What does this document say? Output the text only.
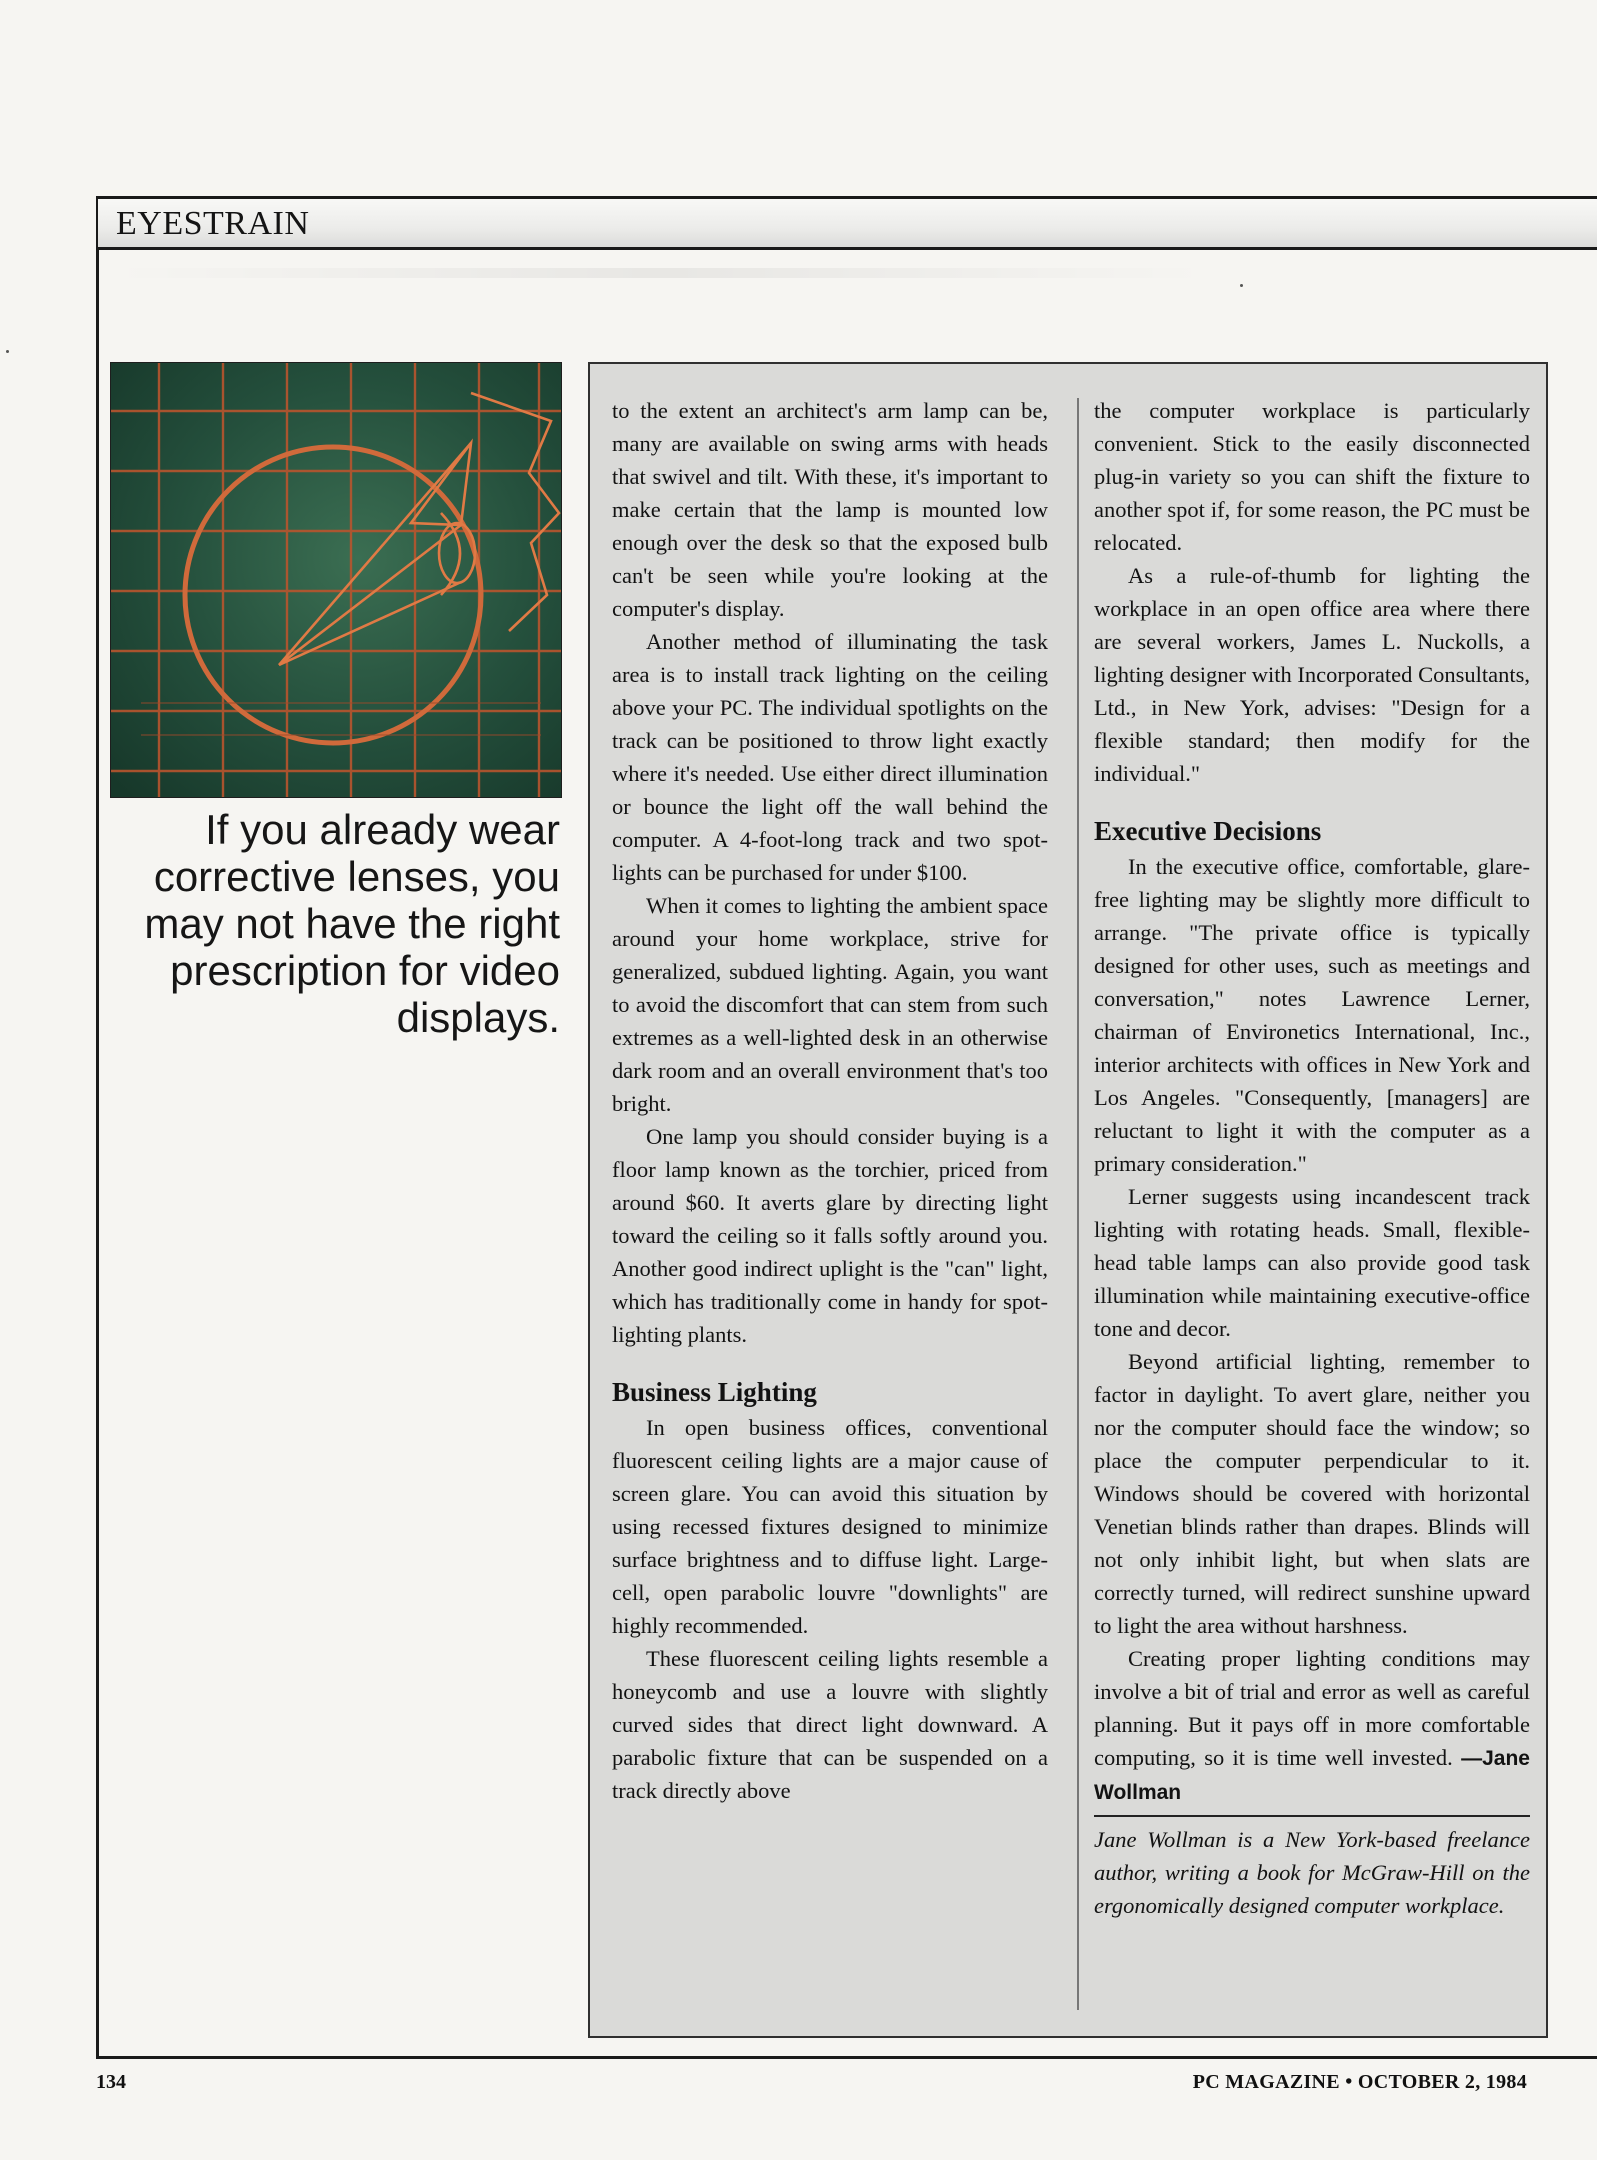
EYESTRAIN
If you already wear
corrective lenses, you
may not have the right
prescription for video
displays.

to the extent an architect's arm lamp can be, many are available on swing arms with heads that swivel and tilt. With these, it's important to make certain that the lamp is mounted low enough over the desk so that the exposed bulb can't be seen while you're looking at the computer's display.

Another method of illuminating the task area is to install track lighting on the ceiling above your PC. The individual spotlights on the track can be positioned to throw light exactly where it's needed. Use either direct illumination or bounce the light off the wall behind the computer. A 4-foot-long track and two spotlights can be purchased for under $100.

When it comes to lighting the ambient space around your home workplace, strive for generalized, subdued lighting. Again, you want to avoid the discomfort that can stem from such extremes as a well-lighted desk in an otherwise dark room and an overall environment that's too bright.

One lamp you should consider buying is a floor lamp known as the torchier, priced from around $60. It averts glare by directing light toward the ceiling so it falls softly around you. Another good indirect uplight is the "can" light, which has traditionally come in handy for spotlighting plants.

Business Lighting

In open business offices, conventional fluorescent ceiling lights are a major cause of screen glare. You can avoid this situation by using recessed fixtures designed to minimize surface brightness and to diffuse light. Large-cell, open parabolic louvre "downlights" are highly recommended.

These fluorescent ceiling lights resemble a honeycomb and use a louvre with slightly curved sides that direct light downward. A parabolic fixture that can be suspended on a track directly above

the computer workplace is particularly convenient. Stick to the easily disconnected plug-in variety so you can shift the fixture to another spot if, for some reason, the PC must be relocated.

As a rule-of-thumb for lighting the workplace in an open office area where there are several workers, James L. Nuckolls, a lighting designer with Incorporated Consultants, Ltd., in New York, advises: "Design for a flexible standard; then modify for the individual."

Executive Decisions

In the executive office, comfortable, glare-free lighting may be slightly more difficult to arrange. "The private office is typically designed for other uses, such as meetings and conversation," notes Lawrence Lerner, chairman of Environetics International, Inc., interior architects with offices in New York and Los Angeles. "Consequently, [managers] are reluctant to light it with the computer as a primary consideration."

Lerner suggests using incandescent track lighting with rotating heads. Small, flexible-head table lamps can also provide good task illumination while maintaining executive-office tone and decor.

Beyond artificial lighting, remember to factor in daylight. To avert glare, neither you nor the computer should face the window; so place the computer perpendicular to it. Windows should be covered with horizontal Venetian blinds rather than drapes. Blinds will not only inhibit light, but when slats are correctly turned, will redirect sunshine upward to light the area without harshness.

Creating proper lighting conditions may involve a bit of trial and error as well as careful planning. But it pays off in more comfortable computing, so it is time well invested. —Jane Wollman

Jane Wollman is a New York-based freelance author, writing a book for McGraw-Hill on the ergonomically designed computer workplace.

134	PC MAGAZINE • OCTOBER 2, 1984
